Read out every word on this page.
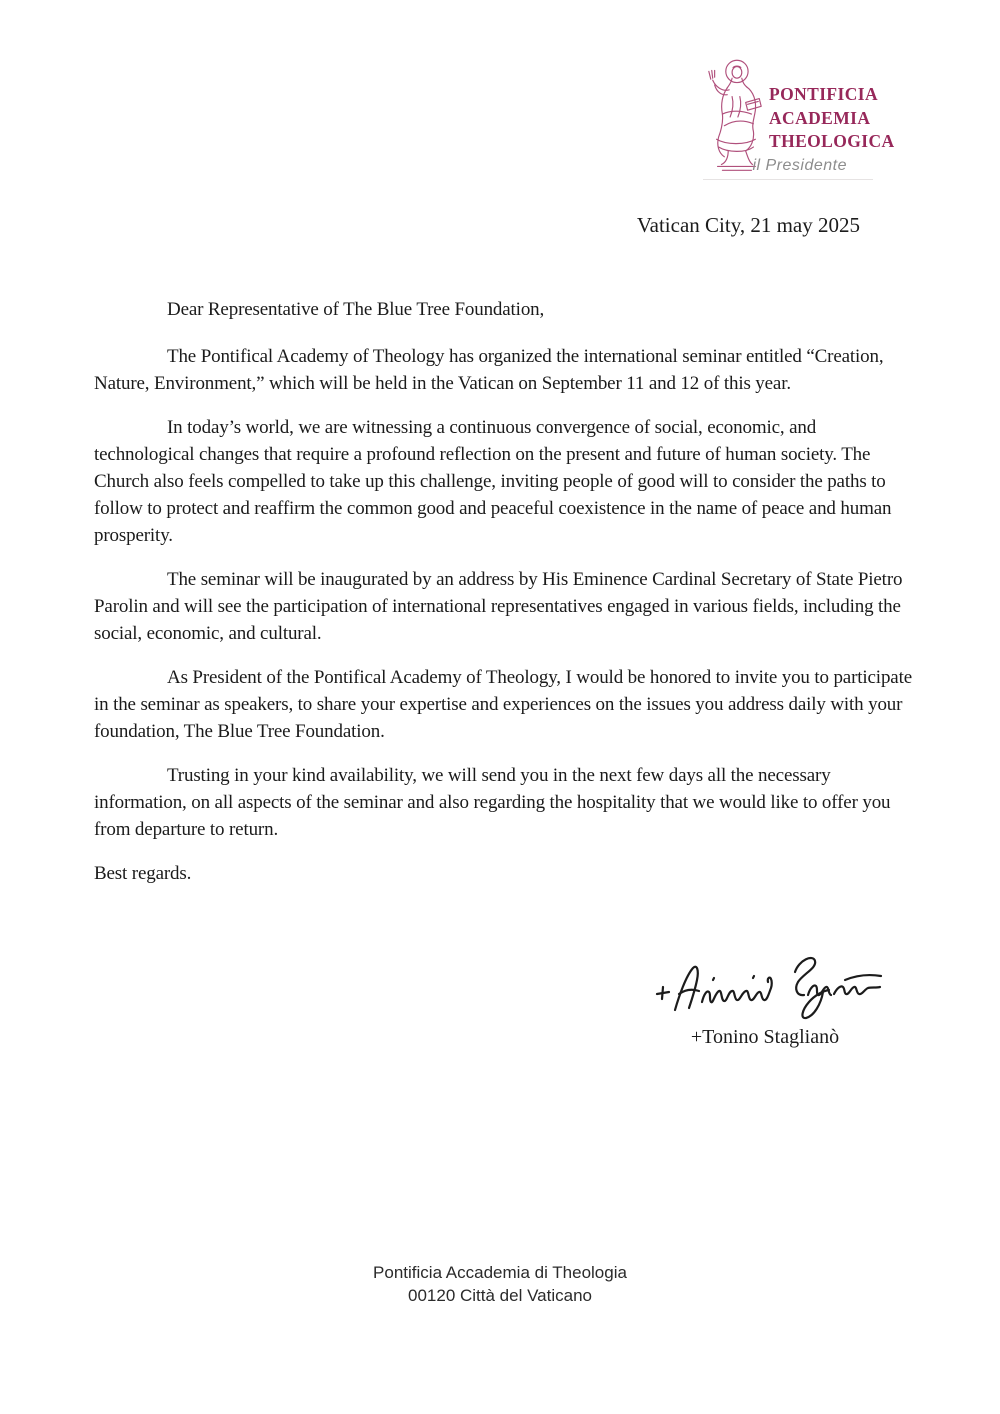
PONTIFICIA
ACADEMIA
THEOLOGICA
il Presidente
Vatican City, 21 may 2025

Dear Representative of The Blue Tree Foundation,

The Pontifical Academy of Theology has organized the international seminar entitled “Creation, Nature, Environment,” which will be held in the Vatican on September 11 and 12 of this year.

In today’s world, we are witnessing a continuous convergence of social, economic, and technological changes that require a profound reflection on the present and future of human society. The Church also feels compelled to take up this challenge, inviting people of good will to consider the paths to follow to protect and reaffirm the common good and peaceful coexistence in the name of peace and human prosperity.

The seminar will be inaugurated by an address by His Eminence Cardinal Secretary of State Pietro Parolin and will see the participation of international representatives engaged in various fields, including the social, economic, and cultural.

As President of the Pontifical Academy of Theology, I would be honored to invite you to participate in the seminar as speakers, to share your expertise and experiences on the issues you address daily with your foundation, The Blue Tree Foundation.

Trusting in your kind availability, we will send you in the next few days all the necessary information, on all aspects of the seminar and also regarding the hospitality that we would like to offer you from departure to return.

Best regards.

+Tonino Staglianò
Pontificia Accademia di Theologia
00120 Città del Vaticano
